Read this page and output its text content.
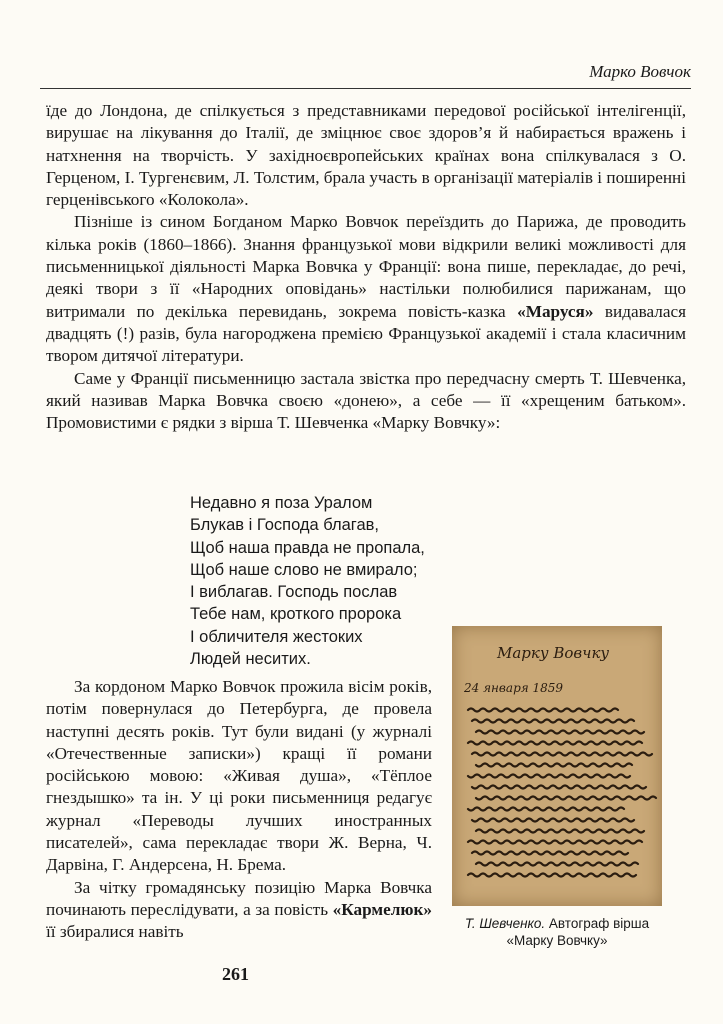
Марко Вовчок

їде до Лондона, де спілкується з представниками передової російської інтелігенції, вирушає на лікування до Італії, де зміцнює своє здоров’я й набирається вражень і натхнення на творчість. У західноєвропейських країнах вона спілкувалася з О. Герценом, І. Тургенєвим, Л. Толстим, брала участь в організації матеріалів і поширенні герценівського «Колокола».

Пізніше із сином Богданом Марко Вовчок переїздить до Парижа, де проводить кілька років (1860–1866). Знання французької мови відкрили великі можливості для письменницької діяльності Марка Вовчка у Франції: вона пише, перекладає, до речі, деякі твори з її «Народних оповідань» настільки полюбилися парижанам, що витримали по декілька перевидань, зокрема повість-казка «Маруся» видавалася двадцять (!) разів, була нагороджена премією Французької академії і стала класичним твором дитячої літератури.

Саме у Франції письменницю застала звістка про передчасну смерть Т. Шевченка, який називав Марка Вовчка своєю «донею», а себе — її «хрещеним батьком». Промовистими є рядки з вірша Т. Шевченка «Марку Вовчку»:

Недавно я поза Уралом
Блукав і Господа благав,
Щоб наша правда не пропала,
Щоб наше слово не вмирало;
І виблагав. Господь послав
Тебе нам, кроткого пророка
І обличителя жестоких
Людей неситих.

За кордоном Марко Вовчок прожила вісім років, потім повернулася до Петербурга, де провела наступні десять років. Тут були видані (у журналі «Отечественные записки») кращі її романи російською мовою: «Живая душа», «Тёплое гнездышко» та ін. У ці роки письменниця редагує журнал «Переводы лучших иностранных писателей», сама перекладає твори Ж. Верна, Ч. Дарвіна, Г. Андерсена, Н. Брема.

За чітку громадянську позицію Марка Вовчка починають переслідувати, а за повість «Кармелюк» її збиралися навіть

Марку Вовчку
24 января 1859
Т. Шевченко. Автограф вірша «Марку Вовчку»
261
